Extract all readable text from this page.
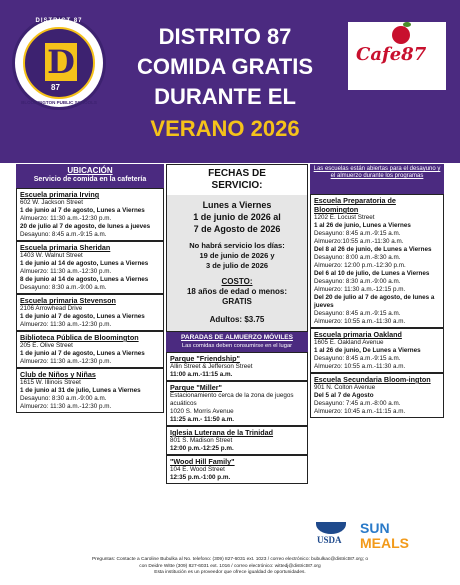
DISTRICT 87
D
87
BLOOMINGTON PUBLIC SCHOOLS
DISTRITO 87
COMIDA GRATIS
DURANTE EL
VERANO 2026
Cafe87
UBICACIÓN
Servicio de comida en la cafetería
Escuela primaria Irving
602 W. Jackson Street
1 de junio al 7 de agosto, Lunes a Viernes
Almuerzo: 11:30 a.m.-12:30 p.m.
20 de julio al 7 de agosto, de lunes a jueves
Desayuno: 8:45 a.m.-9:15 a.m.
Escuela primaria Sheridan
1403 W. Walnut Street
1 de junio al 14 de agosto, Lunes a Viernes
Almuerzo: 11:30 a.m.-12:30 p.m.
8 de junio al 14 de agosto, Lunes a Viernes
Desayuno: 8:30 a.m.-9:00 a.m.
Escuela primaria Stevenson
2106 Arrowhead Drive
1 de junio al 7 de agosto, Lunes a Viernes
Almuerzo: 11:30 a.m.-12:30 p.m.
Biblioteca Pública de Bloomington
205 E. Olive Street
1 de junio al 7 de agosto, Lunes a Viernes
Almuerzo: 11:30 a.m.-12:30 p.m.
Club de Niños y Niñas
1615 W. Illinois Street
1 de junio al 31 de julio, Lunes a Viernes
Desayuno: 8:30 a.m.-9:00 a.m.
Almuerzo: 11:30 a.m.-12:30 p.m.
FECHAS DE
SERVICIO:
Lunes a Viernes
1 de junio de 2026 al
7 de Agosto de 2026
No habrá servicio los días:
19 de junio de 2026 y
3 de julio de 2026
COSTO:
18 años de edad o menos:
GRATIS
Adultos: $3.75
PARADAS DE ALMUERZO MÓVILES
Las comidas deben consumirse en el lugar
Parque "Friendship"
Allin Street & Jefferson Street
11:00 a.m.-11:15 a.m.
Parque "Miller"
Estacionamiento cerca de la zona de juegos acuáticos
1020 S. Morris Avenue
11:25 a.m.- 11:50 a.m.
Iglesia Luterana de la Trinidad
801 S. Madison Street
12:00 p.m.-12:25 p.m.
"Wood Hill Family"
104 E. Wood Street
12:35 p.m.-1:00 p.m.
Las escuelas están abiertas para el desayuno y el almuerzo durante los programas
Escuela Preparatoria de Bloomington
1202 E. Locust Street
1 al 26 de junio, Lunes a Viernes
Desayuno: 8:45 a.m.-9:15 a.m.
Almuerzo:10:55 a.m.-11:30 a.m.
Del 8 al 26 de junio, de Lunes a Viernes
Desayuno: 8:00 a.m.-8:30 a.m.
Almuerzo: 12:00 p.m.-12:30 p.m.
Del 6 al 10 de julio, de Lunes a Viernes
Desayuno: 8:30 a.m.-9:00 a.m.
Almuerzo: 11:30 a.m.-12:15 p.m.
Del 20 de julio al 7 de agosto, de lunes a jueves
Desayuno: 8:45 a.m.-9:15 a.m.
Almuerzo: 10:55 a.m.-11:30 a.m.
Escuela primaria Oakland
1605 E. Oakland Avenue
1 al 26 de junio, De Lunes a Viernes
Desayuno: 8:45 a.m.-9:15 a.m.
Almuerzo: 10:55 a.m.-11:30 a.m.
Escuela Secundaria Bloom-ington
901 N. Colton Avenue
Del 5 al 7 de Agosto
Desayuno: 7:45 a.m.-8:00 a.m.
Almuerzo: 10:45 a.m.-11:15 a.m.
USDA
SUN
MEALS
Preguntas: Contacte a Caroline Bubulka al No. telefono: (309) 827-6031 ext. 1023 / correo electrónico: bubulkac@district87.org; o
con Deidre Witte (309) 827-6031 ext. 1016 / correo electrónico: wittedj@district87.org
Esta institución es un proveedor que ofrece igualdad de oportunidades.
